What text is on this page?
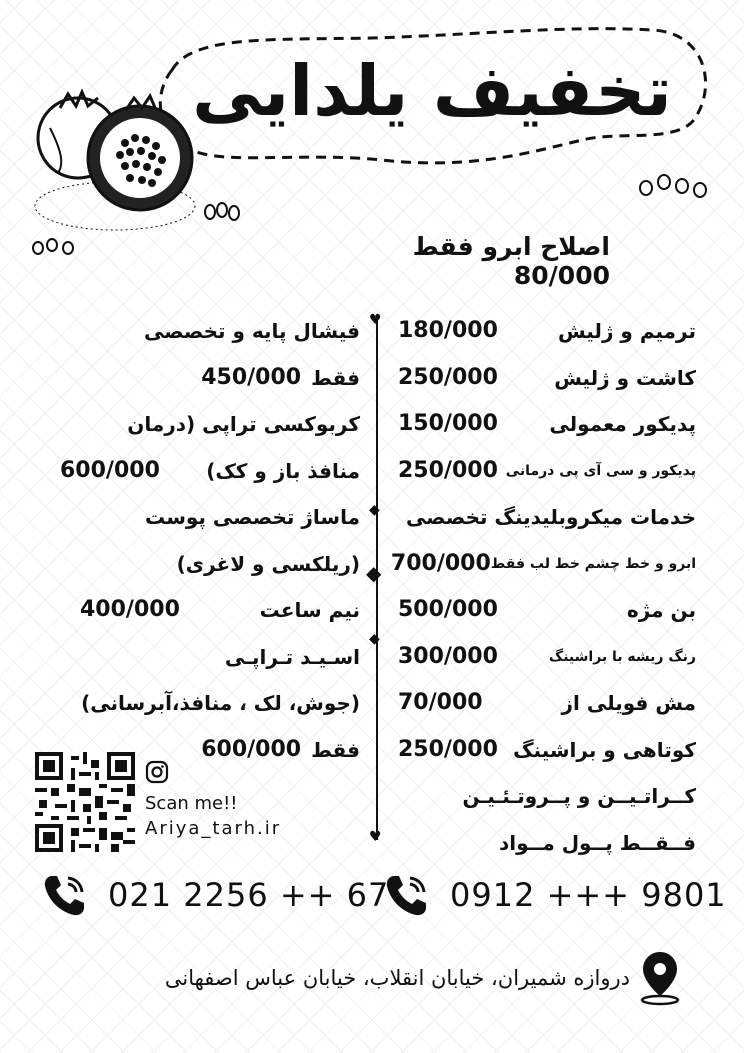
تخفیف یلدایی
اصلاح ابرو فقط 80/000
ترمیم و ژلیش
180/000
کاشت و ژلیش
250/000
پدیکور معمولی
150/000
پدیکور و سی آی پی درمانی
250/000
خدمات میکروبلیدینگ تخصصی
ابرو و خط چشم خط لب فقط
700/000
بن مژه
500/000
رنگ ریشه با براشینگ
300/000
مش فویلی از
70/000
کوتاهی و براشینگ
250/000
کــراتـیــن و پــروتـئـیـن
فــقــط پــول مــواد
♥
◆
◆
◆
♥
فیشال پایه و تخصصی
فقط
450/000
کربوکسی تراپی (درمان
منافذ باز و کک)
600/000
ماساژ تخصصی پوست
(ریلکسی و لاغری)
نیم ساعت
400/000
اسـیـد تـراپـی
(جوش، لک ، منافذ،آبرسانی)
فقط
600/000
Scan me!!
Ariya_tarh.ir
021 2256 ++ 67 0912 +++ 9801
دروازه شمیران، خیابان انقلاب، خیابان عباس اصفهانی
